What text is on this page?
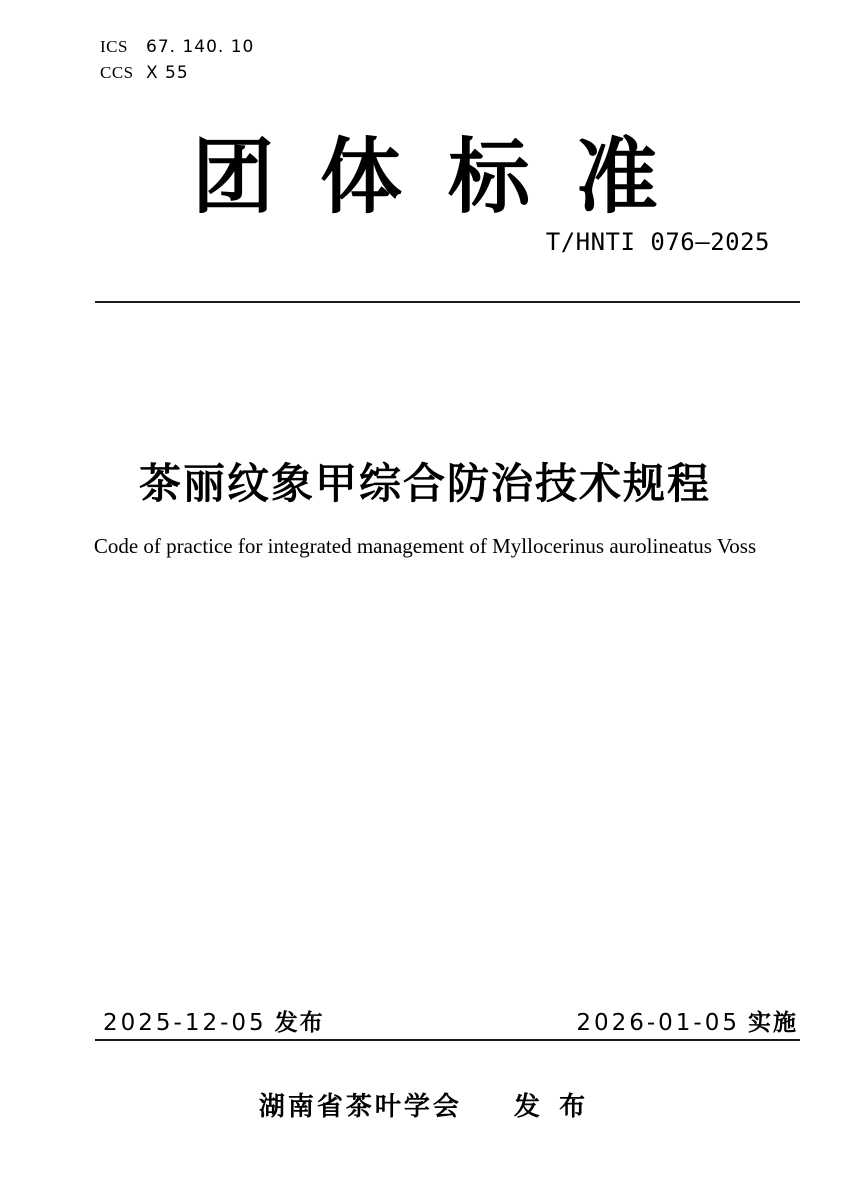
ICS	67. 140. 10
CCS X 55
团体标准
T/HNTI 076—2025
茶丽纹象甲综合防治技术规程
Code of practice for integrated management of Myllocerinus aurolineatus Voss
2025-12-05 发布	2026-01-05 实施
湖南省茶叶学会 发 布
